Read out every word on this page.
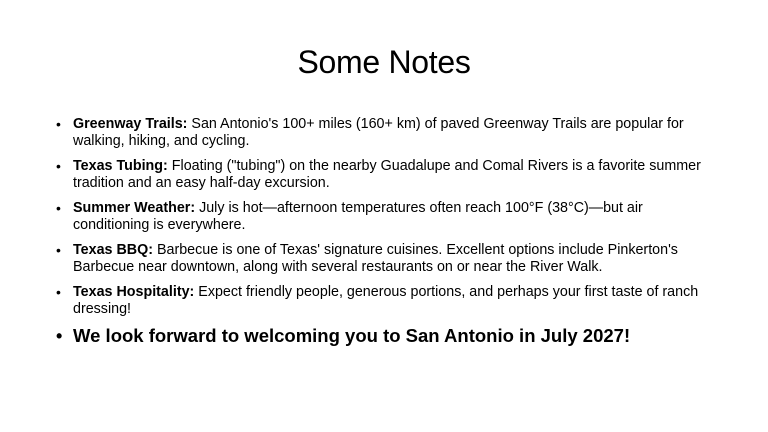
Some Notes
• Greenway Trails: San Antonio's 100+ miles (160+ km) of paved Greenway Trails are popular for walking, hiking, and cycling.
• Texas Tubing: Floating ("tubing") on the nearby Guadalupe and Comal Rivers is a favorite summer tradition and an easy half-day excursion.
• Summer Weather: July is hot—afternoon temperatures often reach 100°F (38°C)—but air conditioning is everywhere.
• Texas BBQ: Barbecue is one of Texas' signature cuisines. Excellent options include Pinkerton's Barbecue near downtown, along with several restaurants on or near the River Walk.
• Texas Hospitality: Expect friendly people, generous portions, and perhaps your first taste of ranch dressing!
• We look forward to welcoming you to San Antonio in July 2027!
